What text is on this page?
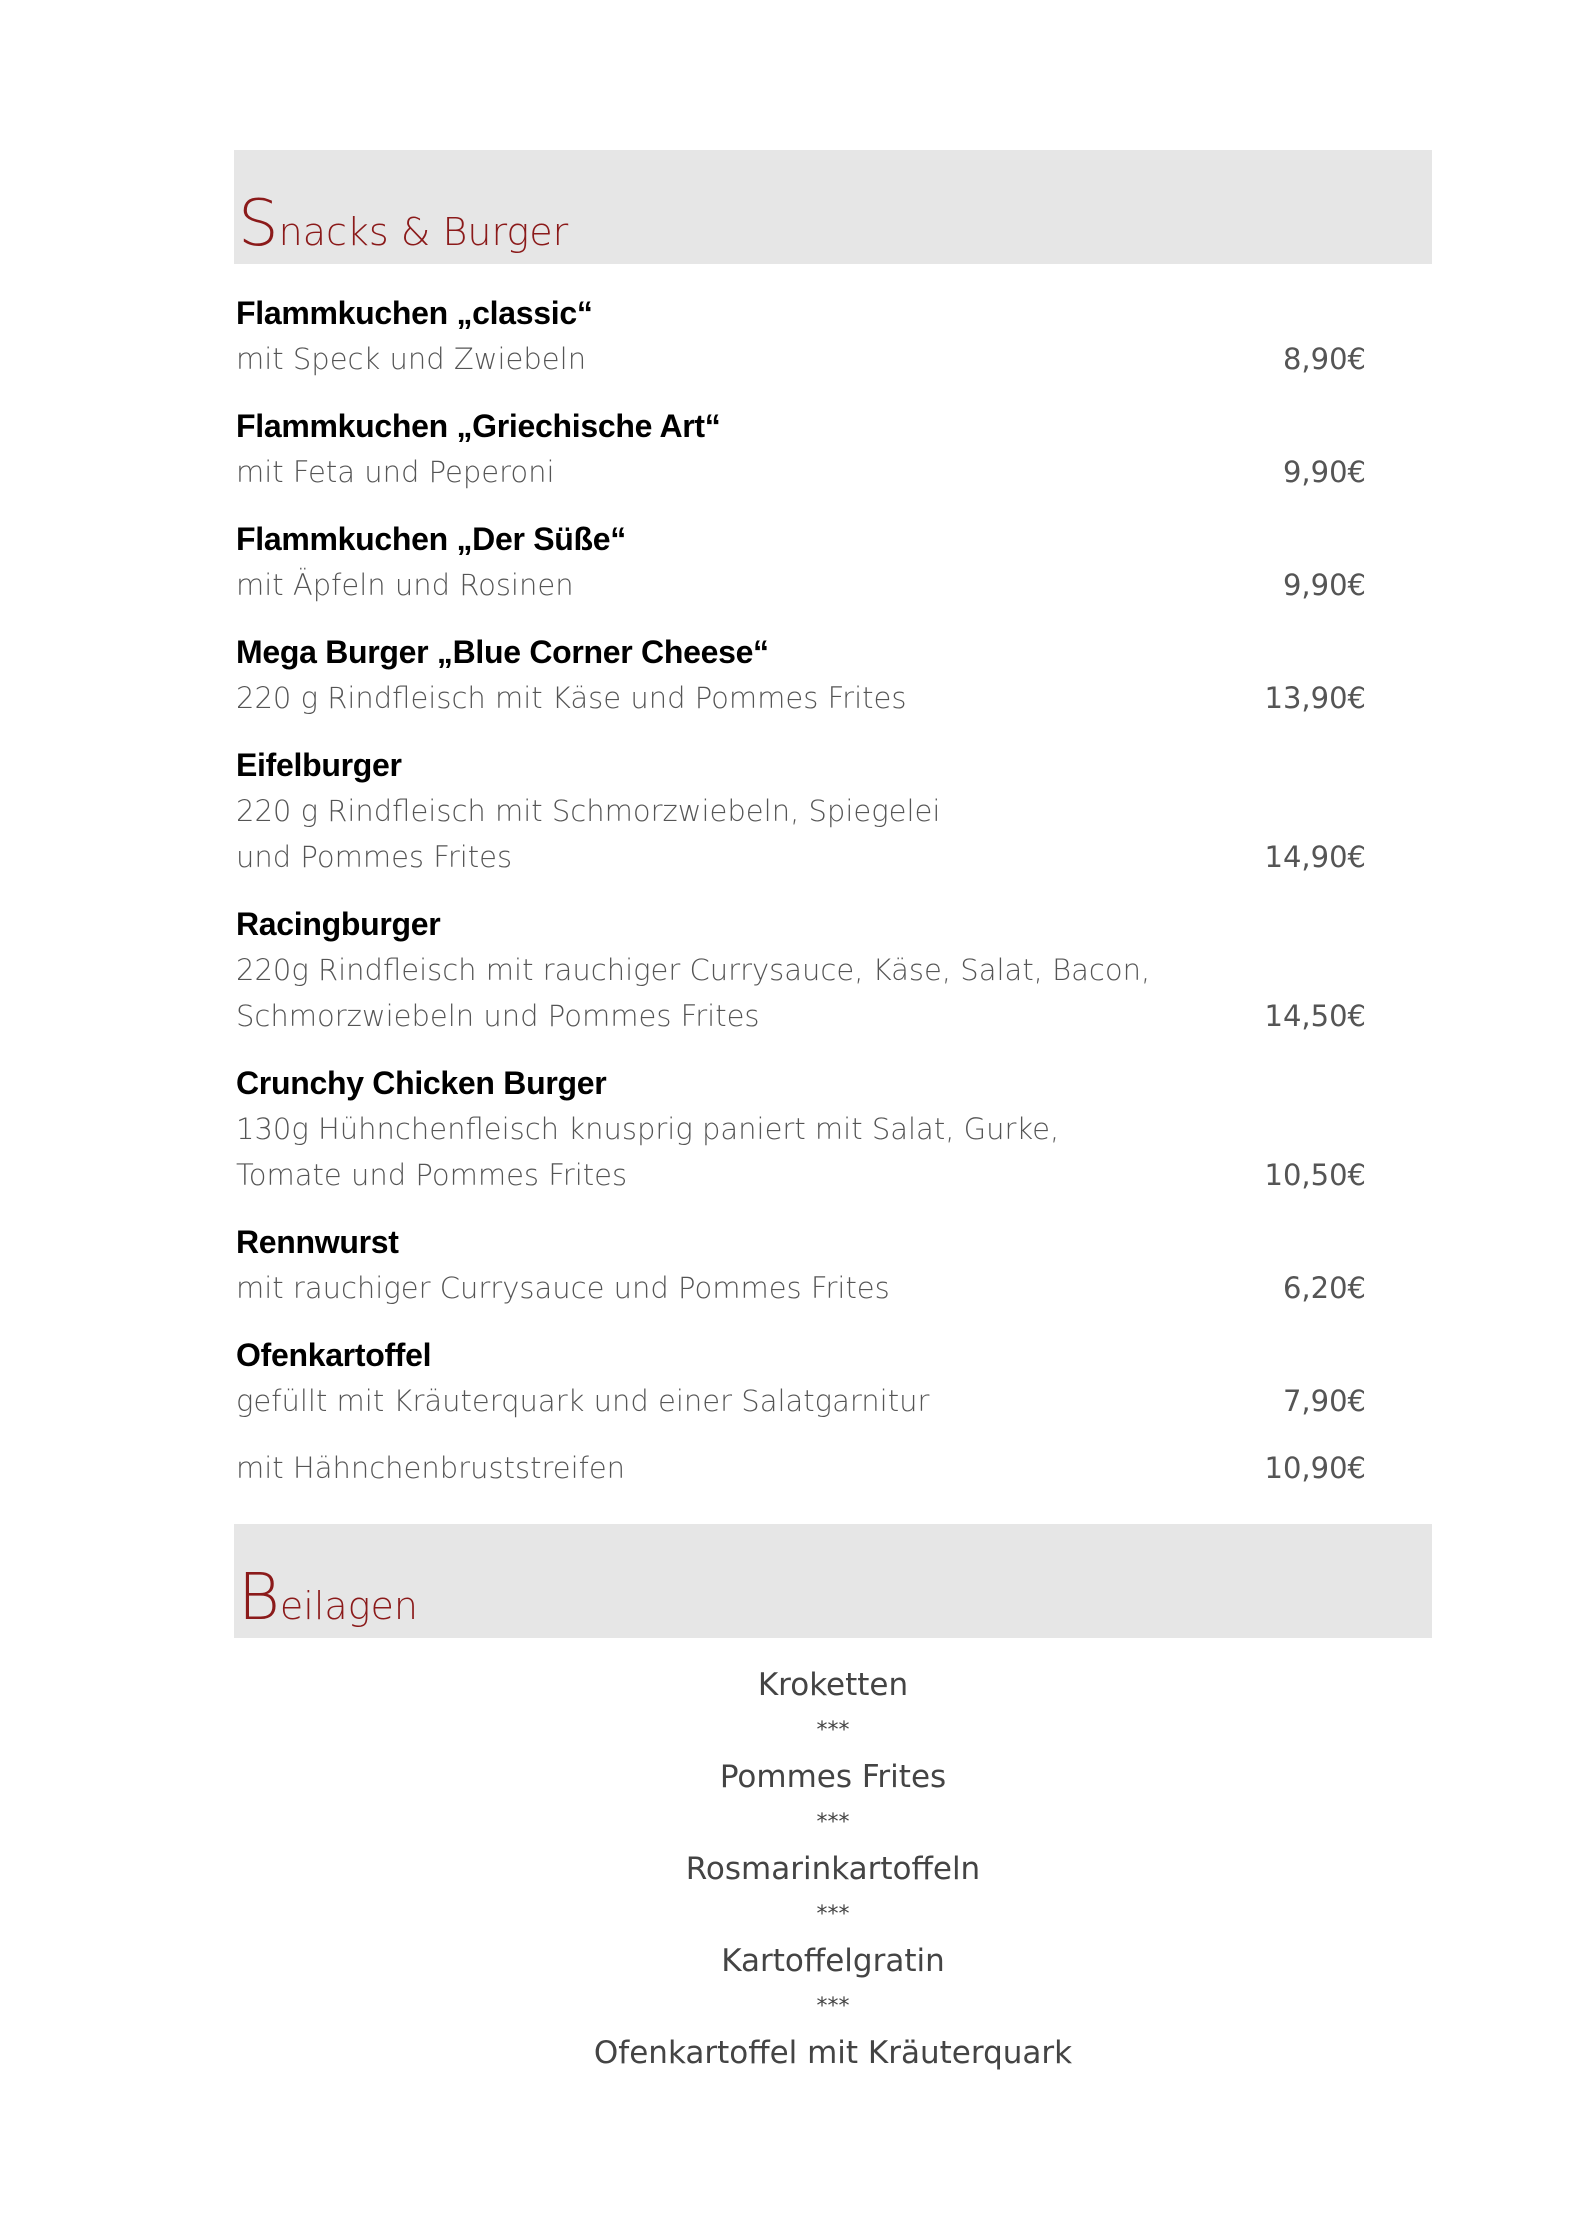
Snacks & Burger
Flammkuchen „classic“
mit Speck und Zwiebeln	8,90€
Flammkuchen „Griechische Art“
mit Feta und Peperoni	9,90€
Flammkuchen „Der Süße“
mit Äpfeln und Rosinen	9,90€
Mega Burger „Blue Corner Cheese“
220 g Rindfleisch mit Käse und Pommes Frites	13,90€
Eifelburger
220 g Rindfleisch mit Schmorzwiebeln, Spiegelei
und Pommes Frites	14,90€
Racingburger
220g Rindfleisch mit rauchiger Currysauce, Käse, Salat, Bacon,
Schmorzwiebeln und Pommes Frites	14,50€
Crunchy Chicken Burger
130g Hühnchenfleisch knusprig paniert mit Salat, Gurke,
Tomate und Pommes Frites	10,50€
Rennwurst
mit rauchiger Currysauce und Pommes Frites	6,20€
Ofenkartoffel
gefüllt mit Kräuterquark und einer Salatgarnitur	7,90€
mit Hähnchenbruststreifen	10,90€
Beilagen
Kroketten
***
Pommes Frites
***
Rosmarinkartoffeln
***
Kartoffelgratin
***
Ofenkartoffel mit Kräuterquark
